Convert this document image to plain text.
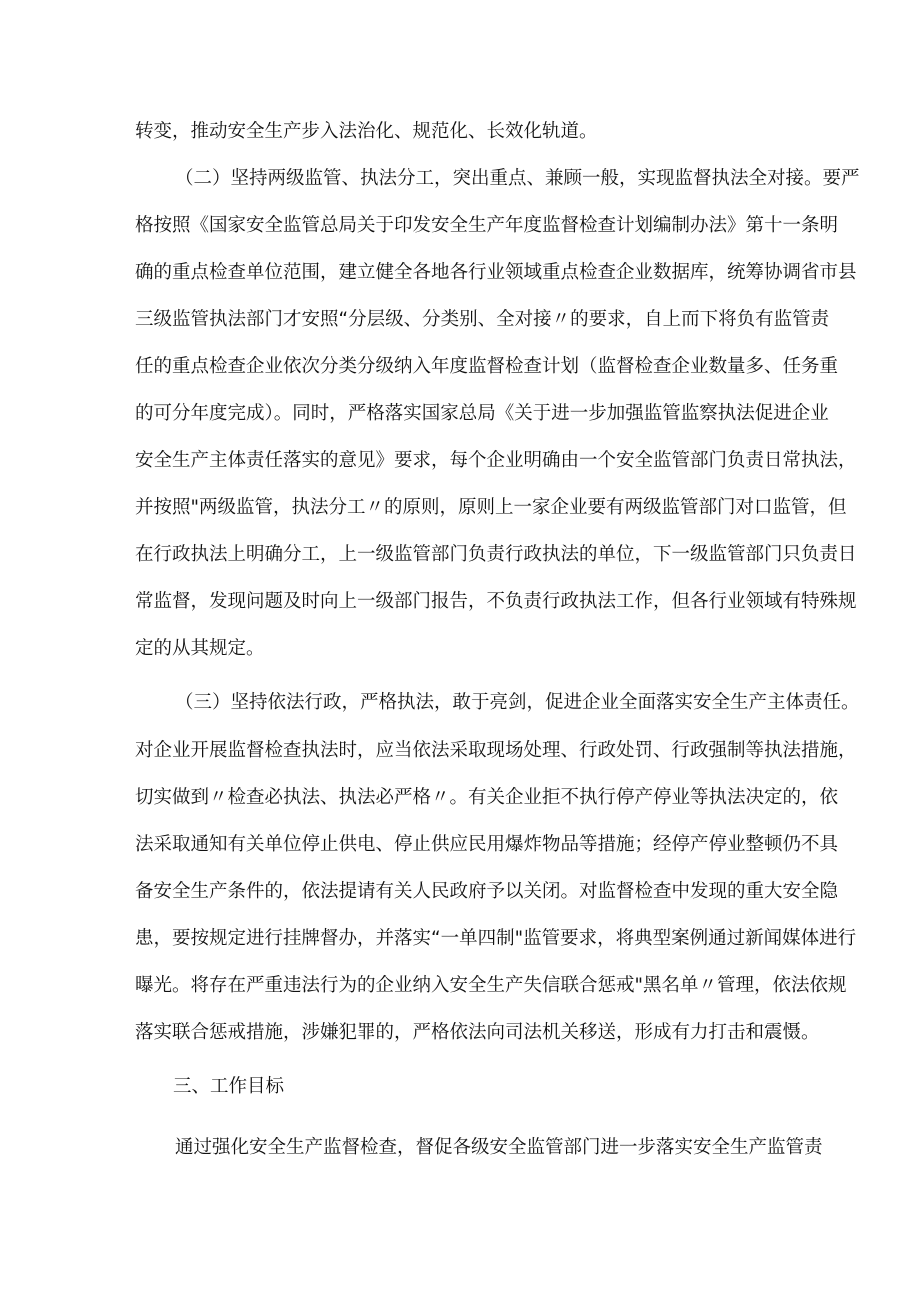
转变，推动安全生产步入法治化、规范化、长效化轨道。
（二）坚持两级监管、执法分工，突出重点、兼顾一般，实现监督执法全对接。要严
格按照《国家安全监管总局关于印发安全生产年度监督检查计划编制办法》第十一条明
确的重点检查单位范围，建立健全各地各行业领域重点检查企业数据库，统筹协调省市县
三级监管执法部门才安照“分层级、分类别、全对接〃的要求，自上而下将负有监管责
任的重点检查企业依次分类分级纳入年度监督检查计划（监督检查企业数量多、任务重
的可分年度完成）。同时，严格落实国家总局《关于进一步加强监管监察执法促进企业
安全生产主体责任落实的意见》要求，每个企业明确由一个安全监管部门负责日常执法，
并按照"两级监管，执法分工〃的原则，原则上一家企业要有两级监管部门对口监管，但
在行政执法上明确分工，上一级监管部门负责行政执法的单位，下一级监管部门只负责日
常监督，发现问题及时向上一级部门报告，不负责行政执法工作，但各行业领域有特殊规
定的从其规定。
（三）坚持依法行政，严格执法，敢于亮剑，促进企业全面落实安全生产主体责任。
对企业开展监督检查执法时，应当依法采取现场处理、行政处罚、行政强制等执法措施，
切实做到〃检查必执法、执法必严格〃。有关企业拒不执行停产停业等执法决定的，依
法采取通知有关单位停止供电、停止供应民用爆炸物品等措施；经停产停业整顿仍不具
备安全生产条件的，依法提请有关人民政府予以关闭。对监督检查中发现的重大安全隐
患，要按规定进行挂牌督办，并落实“一单四制"监管要求，将典型案例通过新闻媒体进行
曝光。将存在严重违法行为的企业纳入安全生产失信联合惩戒"黑名单〃管理，依法依规
落实联合惩戒措施，涉嫌犯罪的，严格依法向司法机关移送，形成有力打击和震慑。
三、工作目标
通过强化安全生产监督检查，督促各级安全监管部门进一步落实安全生产监管责
